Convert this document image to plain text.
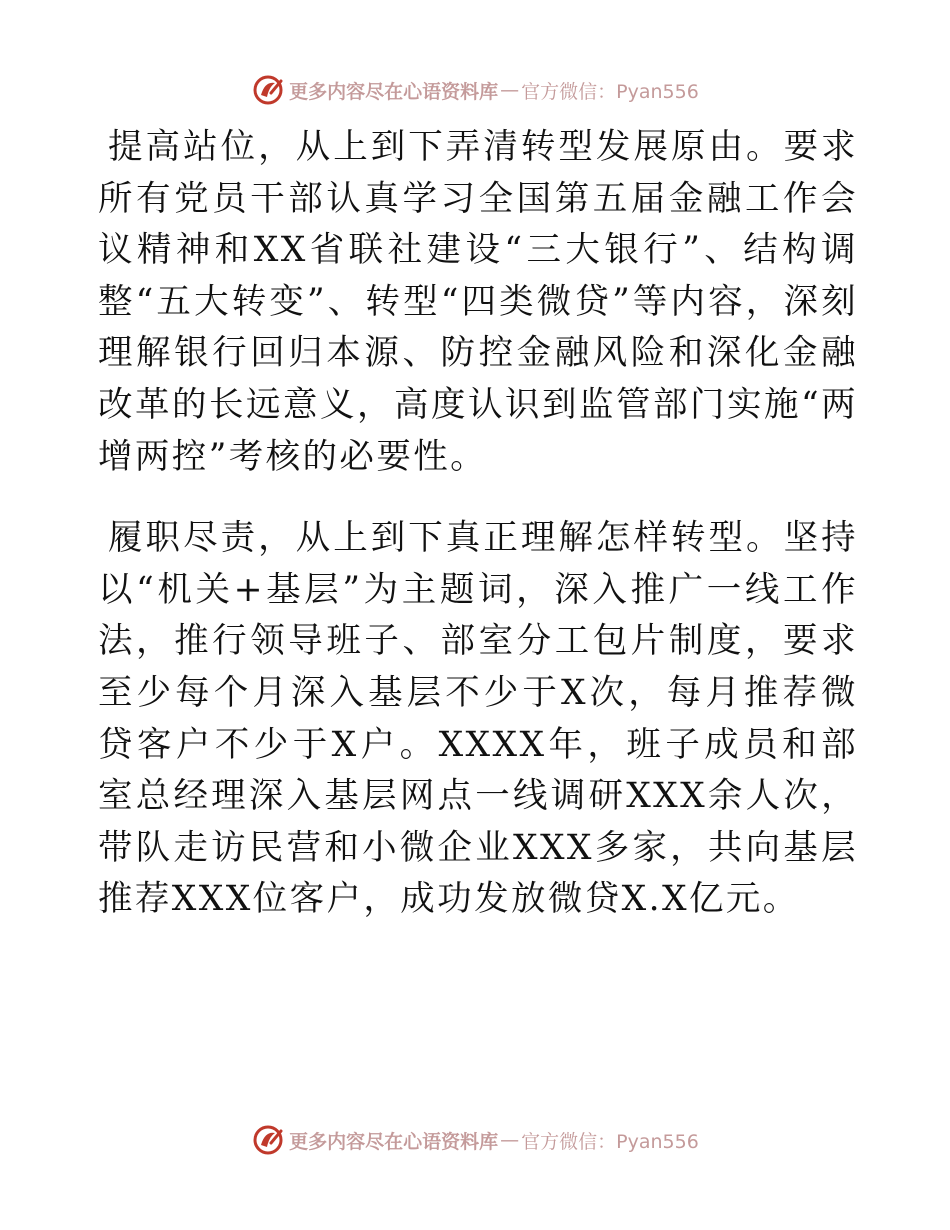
更多内容尽在心语资料库 — 官方微信：Pyan556

提高站位，从上到下弄清转型发展原由。要求所有党员干部认真学习全国第五届金融工作会议精神和XX省联社建设“三大银行”、结构调整“五大转变”、转型“四类微贷”等内容，深刻理解银行回归本源、防控金融风险和深化金融改革的长远意义，高度认识到监管部门实施“两增两控”考核的必要性。

履职尽责，从上到下真正理解怎样转型。坚持以“机关+基层”为主题词，深入推广一线工作法，推行领导班子、部室分工包片制度，要求至少每个月深入基层不少于X次，每月推荐微贷客户不少于X户。XXXX年，班子成员和部室总经理深入基层网点一线调研XXX余人次，带队走访民营和小微企业XXX多家，共向基层推荐XXX位客户，成功发放微贷X.X亿元。

更多内容尽在心语资料库 — 官方微信：Pyan556
